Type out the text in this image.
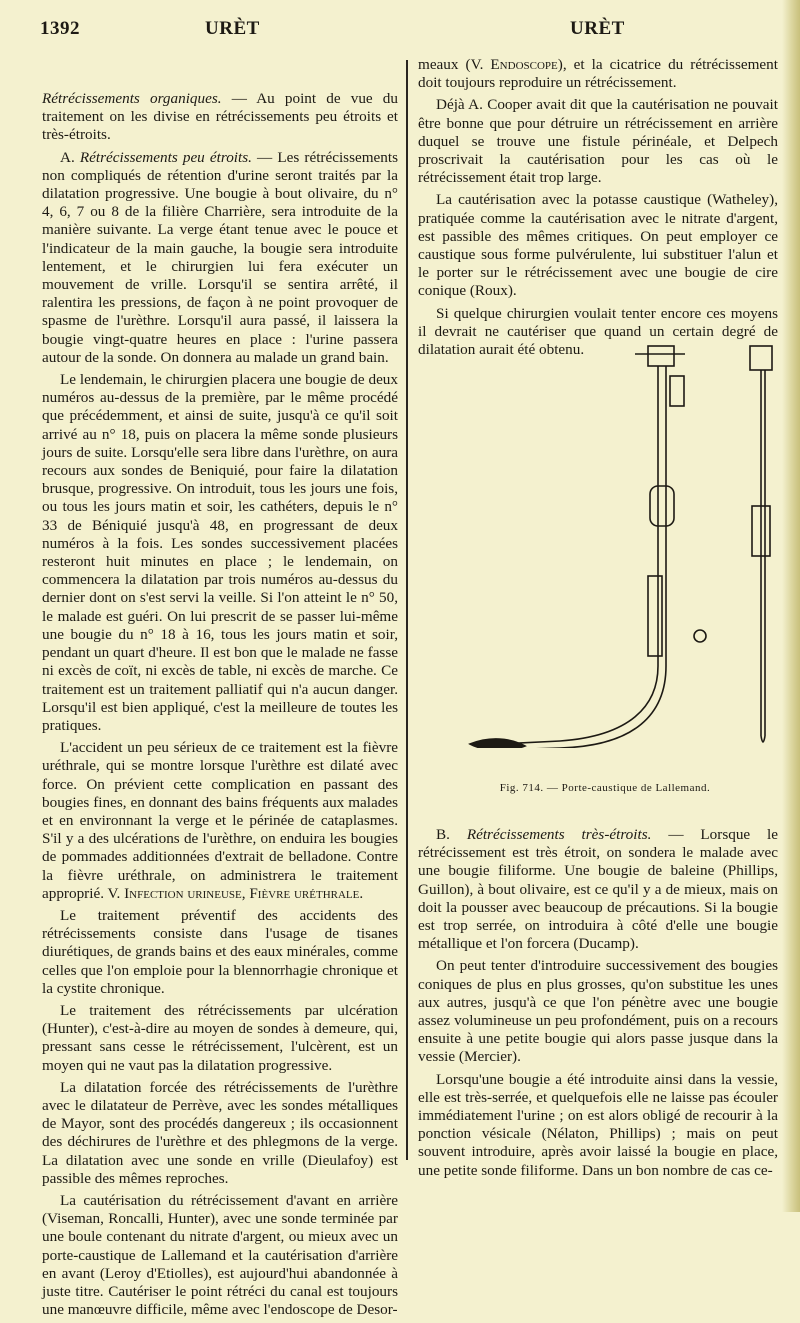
1392	URÈT	URÈT

Rétrécissements organiques. — Au point de vue du traitement on les divise en rétrécissements peu étroits et très-étroits.

A. Rétrécissements peu étroits. — Les rétrécissements non compliqués de rétention d'urine seront traités par la dilatation progressive. Une bougie à bout olivaire, du n° 4, 6, 7 ou 8 de la filière Charrière, sera introduite de la manière suivante. La verge étant tenue avec le pouce et l'indicateur de la main gauche, la bougie sera introduite lentement, et le chirurgien lui fera exécuter un mouvement de vrille. Lorsqu'il se sentira arrêté, il ralentira les pressions, de façon à ne point provoquer de spasme de l'urèthre. Lorsqu'il aura passé, il laissera la bougie vingt-quatre heures en place : l'urine passera autour de la sonde. On donnera au malade un grand bain.

Le lendemain, le chirurgien placera une bougie de deux numéros au-dessus de la première, par le même procédé que précédemment, et ainsi de suite, jusqu'à ce qu'il soit arrivé au n° 18, puis on placera la même sonde plusieurs jours de suite. Lorsqu'elle sera libre dans l'urèthre, on aura recours aux sondes de Beniquié, pour faire la dilatation brusque, progressive. On introduit, tous les jours une fois, ou tous les jours matin et soir, les cathéters, depuis le n° 33 de Béniquié jusqu'à 48, en progressant de deux numéros à la fois. Les sondes successivement placées resteront huit minutes en place ; le lendemain, on commencera la dilatation par trois numéros au-dessus du dernier dont on s'est servi la veille. Si l'on atteint le n° 50, le malade est guéri. On lui prescrit de se passer lui-même une bougie du n° 18 à 16, tous les jours matin et soir, pendant un quart d'heure. Il est bon que le malade ne fasse ni excès de coït, ni excès de table, ni excès de marche. Ce traitement est un traitement palliatif qui n'a aucun danger. Lorsqu'il est bien appliqué, c'est la meilleure de toutes les pratiques.

L'accident un peu sérieux de ce traitement est la fièvre uréthrale, qui se montre lorsque l'urèthre est dilaté avec force. On prévient cette complication en passant des bougies fines, en donnant des bains fréquents aux malades et en environnant la verge et le périnée de cataplasmes. S'il y a des ulcérations de l'urèthre, on enduira les bougies de pommades additionnées d'extrait de belladone. Contre la fièvre uréthrale, on administrera le traitement approprié. V. Infection urineuse, Fièvre uréthrale.

Le traitement préventif des accidents des rétrécissements consiste dans l'usage de tisanes diurétiques, de grands bains et des eaux minérales, comme celles que l'on emploie pour la blennorrhagie chronique et la cystite chronique.

Le traitement des rétrécissements par ulcération (Hunter), c'est-à-dire au moyen de sondes à demeure, qui, pressant sans cesse le rétrécissement, l'ulcèrent, est un moyen qui ne vaut pas la dilatation progressive.

La dilatation forcée des rétrécissements de l'urèthre avec le dilatateur de Perrève, avec les sondes métalliques de Mayor, sont des procédés dangereux ; ils occasionnent des déchirures de l'urèthre et des phlegmons de la verge. La dilatation avec une sonde en vrille (Dieulafoy) est passible des mêmes reproches.

La cautérisation du rétrécissement d'avant en arrière (Viseman, Roncalli, Hunter), avec une sonde terminée par une boule contenant du nitrate d'argent, ou mieux avec un porte-caustique de Lallemand et la cautérisation d'arrière en avant (Leroy d'Etiolles), est aujourd'hui abandonnée à juste titre. Cautériser le point rétréci du canal est toujours une manœuvre difficile, même avec l'endoscope de Desor-

meaux (V. Endoscope), et la cicatrice du rétrécissement doit toujours reproduire un rétrécissement.

Déjà A. Cooper avait dit que la cautérisation ne pouvait être bonne que pour détruire un rétrécissement en arrière duquel se trouve une fistule périnéale, et Delpech proscrivait la cautérisation pour les cas où le rétrécissement était trop large.

La cautérisation avec la potasse caustique (Watheley), pratiquée comme la cautérisation avec le nitrate d'argent, est passible des mêmes critiques. On peut employer ce caustique sous forme pulvérulente, lui substituer l'alun et le porter sur le rétrécissement avec une bougie de cire conique (Roux).

Si quelque chirurgien voulait tenter encore ces moyens il devrait ne cautériser que quand un certain degré de dilatation aurait été obtenu.

Fig. 714. — Porte-caustique de Lallemand.

B. Rétrécissements très-étroits. — Lorsque le rétrécissement est très étroit, on sondera le malade avec une bougie filiforme. Une bougie de baleine (Phillips, Guillon), à bout olivaire, est ce qu'il y a de mieux, mais on doit la pousser avec beaucoup de précautions. Si la bougie est trop serrée, on introduira à côté d'elle une bougie métallique et l'on forcera (Ducamp).

On peut tenter d'introduire successivement des bougies coniques de plus en plus grosses, qu'on substitue les unes aux autres, jusqu'à ce que l'on pénètre avec une bougie assez volumineuse un peu profondément, puis on a recours ensuite à une petite bougie qui alors passe jusque dans la vessie (Mercier).

Lorsqu'une bougie a été introduite ainsi dans la vessie, elle est très-serrée, et quelquefois elle ne laisse pas écouler immédiatement l'urine ; on est alors obligé de recourir à la ponction vésicale (Nélaton, Phillips) ; mais on peut souvent introduire, après avoir laissé la bougie en place, une petite sonde filiforme. Dans un bon nombre de cas ce-
